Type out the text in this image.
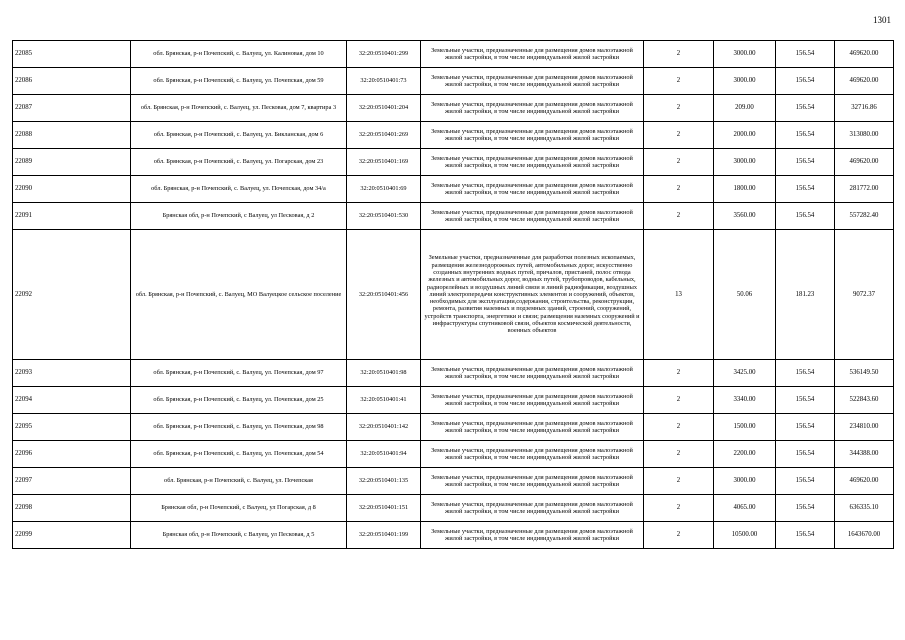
1301
22085	обл. Брянская, р-н Почепский, с. Валуец, ул. Калиновая, дом 10	32:20:0510401:299	Земельные участки, предназначенные для размещения домов малоэтажной жилой застройки, в том числе индивидуальной жилой застройки	2	3000.00	156.54	469620.00
22086	обл. Брянская, р-н Почепский, с. Валуец, ул. Почепская, дом 59	32:20:0510401:73	Земельные участки, предназначенные для размещения домов малоэтажной жилой застройки, в том числе индивидуальной жилой застройки	2	3000.00	156.54	469620.00
22087	обл. Брянская, р-н Почепский, с. Валуец, ул. Песковая, дом 7, квартира 3	32:20:0510401:204	Земельные участки, предназначенные для размещения домов малоэтажной жилой застройки, в том числе индивидуальной жилой застройки	2	209.00	156.54	32716.86
22088	обл. Брянская, р-н Почепский, с. Валуец, ул. Бикланская, дом 6	32:20:0510401:269	Земельные участки, предназначенные для размещения домов малоэтажной жилой застройки, в том числе индивидуальной жилой застройки	2	2000.00	156.54	313080.00
22089	обл. Брянская, р-н Почепский, с. Валуец, ул. Погарская, дом 23	32:20:0510401:169	Земельные участки, предназначенные для размещения домов малоэтажной жилой застройки, в том числе индивидуальной жилой застройки	2	3000.00	156.54	469620.00
22090	обл. Брянская, р-н Почепский, с. Валуец, ул. Почепская, дом 34/а	32:20:0510401:69	Земельные участки, предназначенные для размещения домов малоэтажной жилой застройки, в том числе индивидуальной жилой застройки	2	1800.00	156.54	281772.00
22091	Брянская обл, р-н Почепский, с Валуец, ул Песковая, д 2	32:20:0510401:530	Земельные участки, предназначенные для размещения домов малоэтажной жилой застройки, в том числе индивидуальной жилой застройки	2	3560.00	156.54	557282.40
22092	обл. Брянская, р-н Почепский, с. Валуец, МО Валуецкое сельское поселение	32:20:0510401:456	Земельные участки, предназначенные для разработки полезных ископаемых, размещения железнодорожных путей, автомобильных дорог, искусственно созданных внутренних водных путей, причалов, пристаней, полос отвода железных и автомобильных дорог, водных путей, трубопроводов, кабельных, радиорелейных и воздушных линий связи и линий радиофикации, воздушных линий электропередачи конструктивных элементов и сооружений, объектов, необходимых для эксплуатации,содержания, строительства, реконструкции, ремонта, развития наземных и подземных зданий, строений, сооружений, устройств транспорта, энергетики и связи; размещения наземных сооружений и инфраструктуры спутниковой связи, объектов космической деятельности, военных объектов	13	50.06	181.23	9072.37
22093	обл. Брянская, р-н Почепский, с. Валуец, ул. Почепская, дом 97	32:20:0510401:98	Земельные участки, предназначенные для размещения домов малоэтажной жилой застройки, в том числе индивидуальной жилой застройки	2	3425.00	156.54	536149.50
22094	обл. Брянская, р-н Почепский, с. Валуец, ул. Почепская, дом 25	32:20:0510401:41	Земельные участки, предназначенные для размещения домов малоэтажной жилой застройки, в том числе индивидуальной жилой застройки	2	3340.00	156.54	522843.60
22095	обл. Брянская, р-н Почепский, с. Валуец, ул. Почепская, дом 98	32:20:0510401:142	Земельные участки, предназначенные для размещения домов малоэтажной жилой застройки, в том числе индивидуальной жилой застройки	2	1500.00	156.54	234810.00
22096	обл. Брянская, р-н Почепский, с. Валуец, ул. Почепская, дом 54	32:20:0510401:94	Земельные участки, предназначенные для размещения домов малоэтажной жилой застройки, в том числе индивидуальной жилой застройки	2	2200.00	156.54	344388.00
22097	обл. Брянская, р-н Почепский, с. Валуец, ул. Почепская	32:20:0510401:135	Земельные участки, предназначенные для размещения домов малоэтажной жилой застройки, в том числе индивидуальной жилой застройки	2	3000.00	156.54	469620.00
22098	Брянская обл, р-н Почепский, с Валуец, ул Погарская, д 8	32:20:0510401:151	Земельные участки, предназначенные для размещения домов малоэтажной жилой застройки, в том числе индивидуальной жилой застройки	2	4065.00	156.54	636335.10
22099	Брянская обл, р-н Почепский, с Валуец, ул Песковая, д 5	32:20:0510401:199	Земельные участки, предназначенные для размещения домов малоэтажной жилой застройки, в том числе индивидуальной жилой застройки	2	10500.00	156.54	1643670.00
